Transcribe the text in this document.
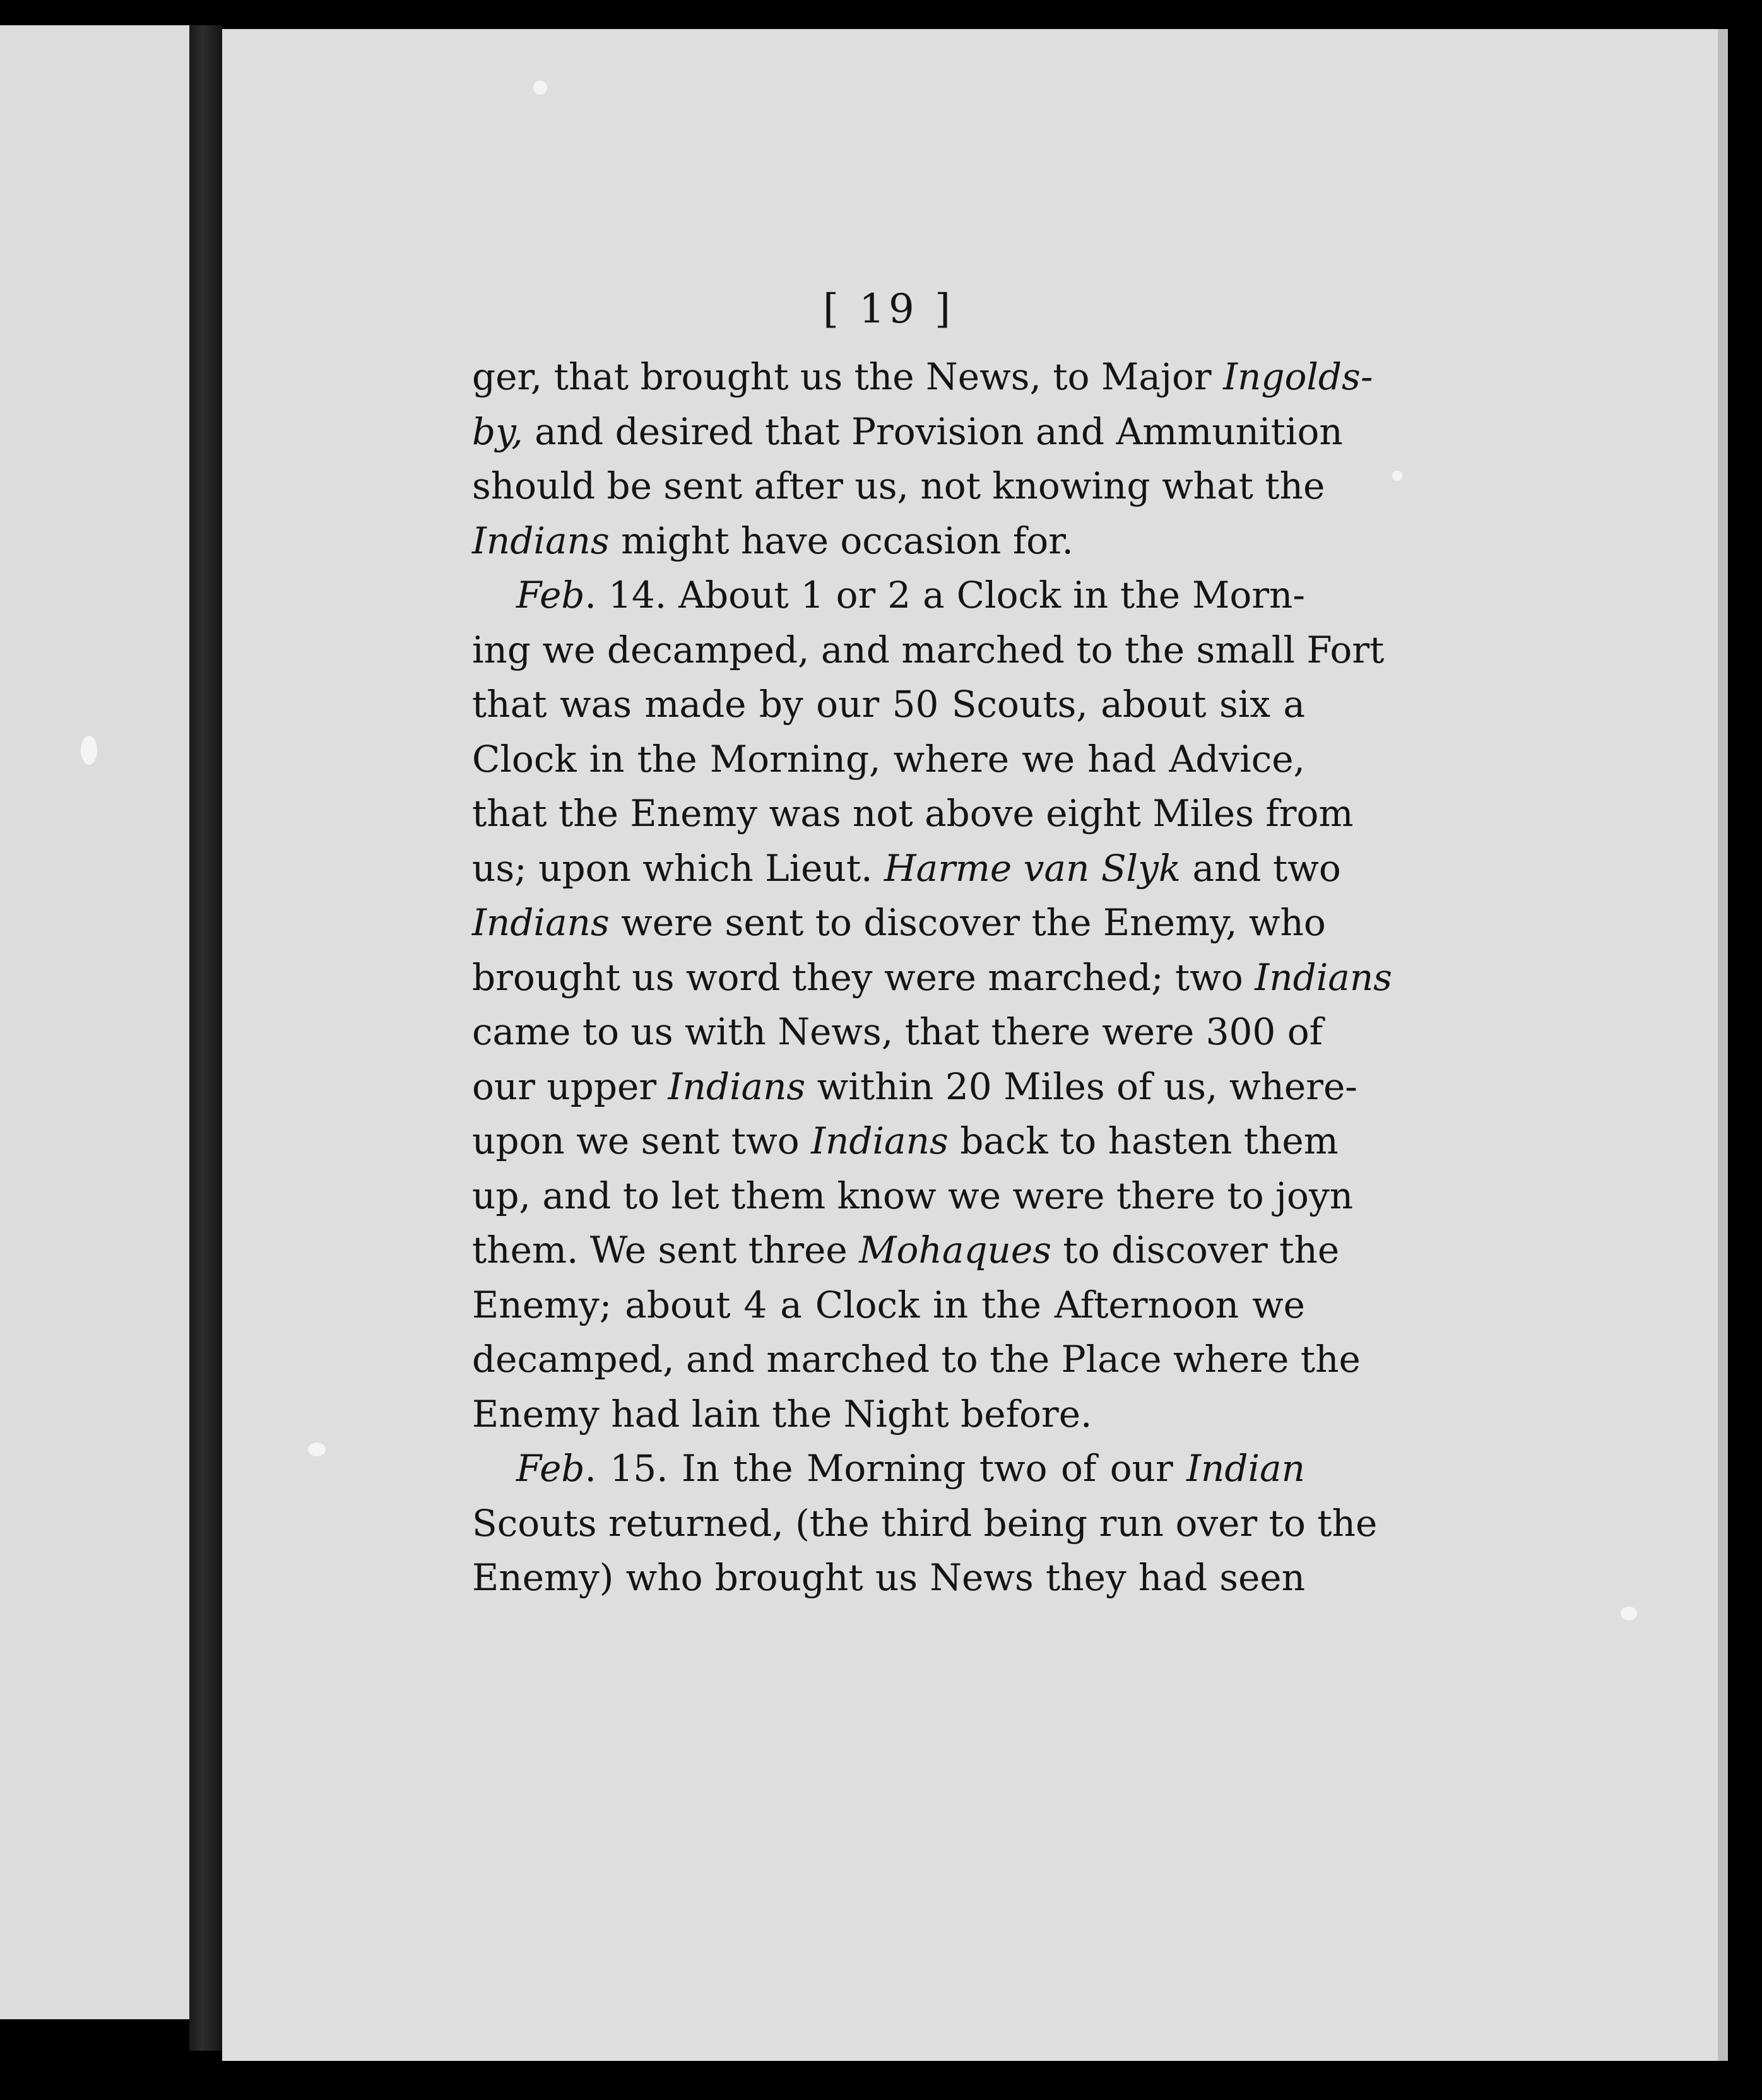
[ 19 ]
ger, that brought us the News, to Major Ingolds-
by, and desired that Provision and Ammunition
should be sent after us, not knowing what the
Indians might have occasion for.
Feb. 14. About 1 or 2 a Clock in the Morn-
ing we decamped, and marched to the small Fort
that was made by our 50 Scouts, about six a
Clock in the Morning, where we had Advice,
that the Enemy was not above eight Miles from
us; upon which Lieut. Harme van Slyk and two
Indians were sent to discover the Enemy, who
brought us word they were marched; two Indians
came to us with News, that there were 300 of
our upper Indians within 20 Miles of us, where-
upon we sent two Indians back to hasten them
up, and to let them know we were there to joyn
them. We sent three Mohaques to discover the
Enemy; about 4 a Clock in the Afternoon we
decamped, and marched to the Place where the
Enemy had lain the Night before.
Feb. 15. In the Morning two of our Indian
Scouts returned, (the third being run over to the
Enemy) who brought us News they had seen
